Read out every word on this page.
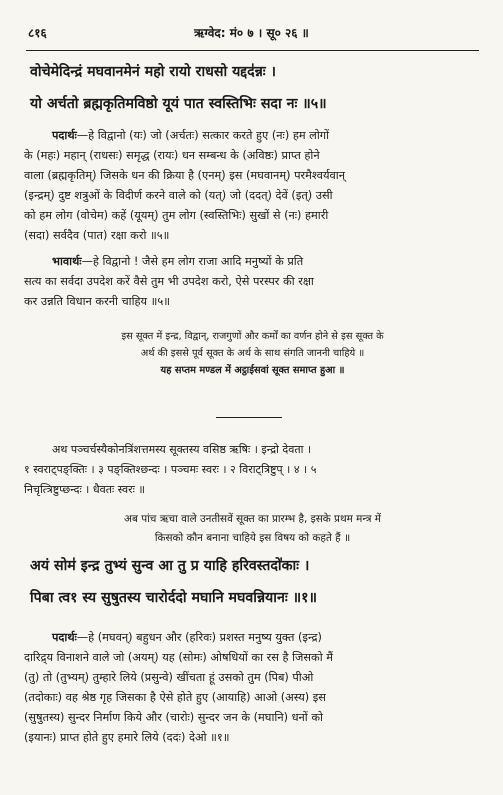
८१६	ऋग्वेद: मं० ७ । सू० २६ ॥
वोचेमेदिन्द्रं मघवानमेनं महो रायो राधसो यद्दद॑न्नः ।
यो अर्चतो ब्रह्मकृतिमविष्ठो यूयं पात स्वस्तिभिः सदा नः ॥५॥

पदार्थः—हे विद्वानो (यः) जो (अर्चतः) सत्कार करते हुए (नः) हम लोगों

के (महः) महान् (राधसः) समृद्ध (रायः) धन सम्बन्ध के (अविष्ठः) प्राप्त होने

वाला (ब्रह्मकृतिम्) जिसके धन की क्रिया है (एनम्) इस (मघवानम्) परमैश्वर्यवान्

(इन्द्रम्) दुष्ट शत्रुओं के विदीर्ण करने वाले को (यत्) जो (ददत्) देवें (इत्) उसी

को हम लोग (वोचेम) कहें (यूयम्) तुम लोग (स्वस्तिभिः) सुखों से (नः) हमारी

(सदा) सर्वदैव (पात) रक्षा करो ॥५॥

भावार्थः—हे विद्वानो ! जैसे हम लोग राजा आदि मनुष्यों के प्रति

सत्य का सर्वदा उपदेश करें वैसे तुम भी उपदेश करो, ऐसे परस्पर की रक्षा

कर उन्नति विधान करनी चाहिय ॥५॥

इस सूक्त में इन्द्र, विद्वान्, राजगुणों और कर्मों का वर्णन होने से इस सूक्त के
अर्थ की इससे पूर्व सूक्त के अर्थ के साथ संगति जाननी चाहिये ॥
यह सप्तम मण्डल में अट्ठाईसवां सूक्त समाप्त हुआ ॥

अथ पञ्चर्चस्यैकोनत्रिंशत्तमस्य सूक्तस्य वसिष्ठ ऋषिः । इन्द्रो देवता ।

१ स्वराट्पङ्क्तिः । ३ पङ्क्तिश्छन्दः । पञ्चमः स्वरः । २ विराट्त्रिष्टुप् । ४ । ५

निचृत्त्रिष्टुप्छन्दः । धैवतः स्वरः ॥

अब पांच ऋचा वाले उनतीसवें सूक्त का प्रारम्भ है, इसके प्रथम मन्त्र में
किसको कौन बनाना चाहिये इस विषय को कहते हैं ॥
अयं सोम॑ इन्द्र तुभ्यं सुन्व आ तु प्र याहि हरिवस्तदो॑काः ।
पिबा त्व१ स्य सुषुतस्य चारोर्ददो मघानि मघवन्नियानः ॥१॥

पदार्थः—हे (मघवन्) बहुधन और (हरिवः) प्रशस्त मनुष्य युक्त (इन्द्र)

दारिद्र्य विनाशने वाले जो (अयम्) यह (सोमः) ओषधियों का रस है जिसको मैं

(तु) तो (तुभ्यम्) तुम्हारे लिये (प्रसुन्वे) खींचता हूं उसको तुम (पिब) पीओ

(तदोकाः) वह श्रेष्ठ गृह जिसका है ऐसे होते हुए (आयाहि) आओ (अस्य) इस

(सुषुतस्य) सुन्दर निर्माण किये और (चारोः) सुन्दर जन के (मघानि) धनों को

(इयानः) प्राप्त होते हुए हमारे लिये (ददः) देओ ॥१॥
